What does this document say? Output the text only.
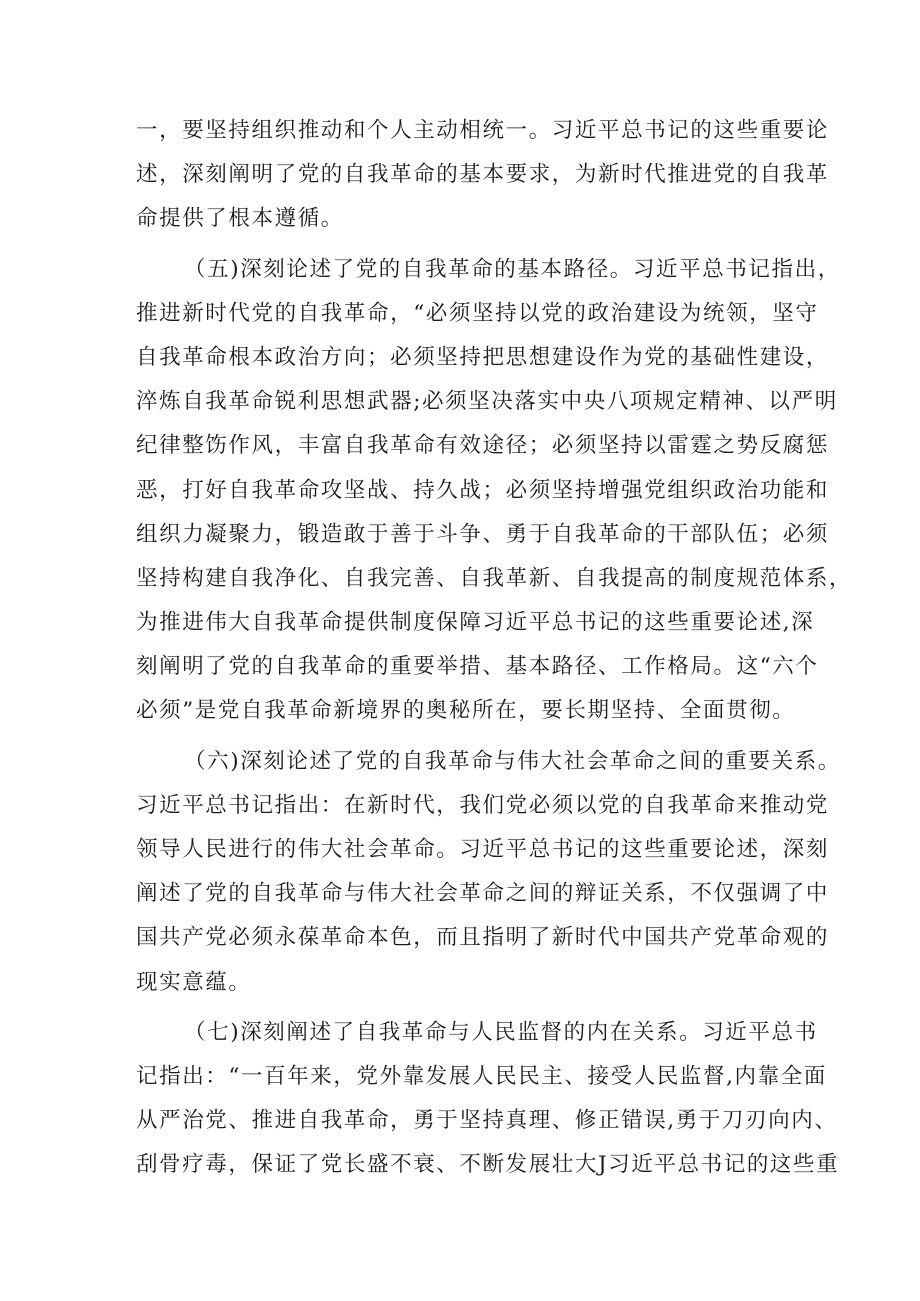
一，要坚持组织推动和个人主动相统一。习近平总书记的这些重要论
述，深刻阐明了党的自我革命的基本要求，为新时代推进党的自我革
命提供了根本遵循。
（五)深刻论述了党的自我革命的基本路径。习近平总书记指出，
推进新时代党的自我革命，“必须坚持以党的政治建设为统领，坚守
自我革命根本政治方向；必须坚持把思想建设作为党的基础性建设，
淬炼自我革命锐利思想武器;必须坚决落实中央八项规定精神、以严明
纪律整饬作风，丰富自我革命有效途径；必须坚持以雷霆之势反腐惩
恶，打好自我革命攻坚战、持久战；必须坚持增强党组织政治功能和
组织力凝聚力，锻造敢于善于斗争、勇于自我革命的干部队伍；必须
坚持构建自我净化、自我完善、自我革新、自我提高的制度规范体系，
为推进伟大自我革命提供制度保障习近平总书记的这些重要论述,深
刻阐明了党的自我革命的重要举措、基本路径、工作格局。这“六个
必须”是党自我革命新境界的奥秘所在，要长期坚持、全面贯彻。
（六)深刻论述了党的自我革命与伟大社会革命之间的重要关系。
习近平总书记指出：在新时代，我们党必须以党的自我革命来推动党
领导人民进行的伟大社会革命。习近平总书记的这些重要论述，深刻
阐述了党的自我革命与伟大社会革命之间的辩证关系，不仅强调了中
国共产党必须永葆革命本色，而且指明了新时代中国共产党革命观的
现实意蕴。
（七)深刻阐述了自我革命与人民监督的内在关系。习近平总书
记指出：“一百年来，党外靠发展人民民主、接受人民监督,内靠全面
从严治党、推进自我革命，勇于坚持真理、修正错误,勇于刀刃向内、
刮骨疗毒，保证了党长盛不衰、不断发展壮大J习近平总书记的这些重
